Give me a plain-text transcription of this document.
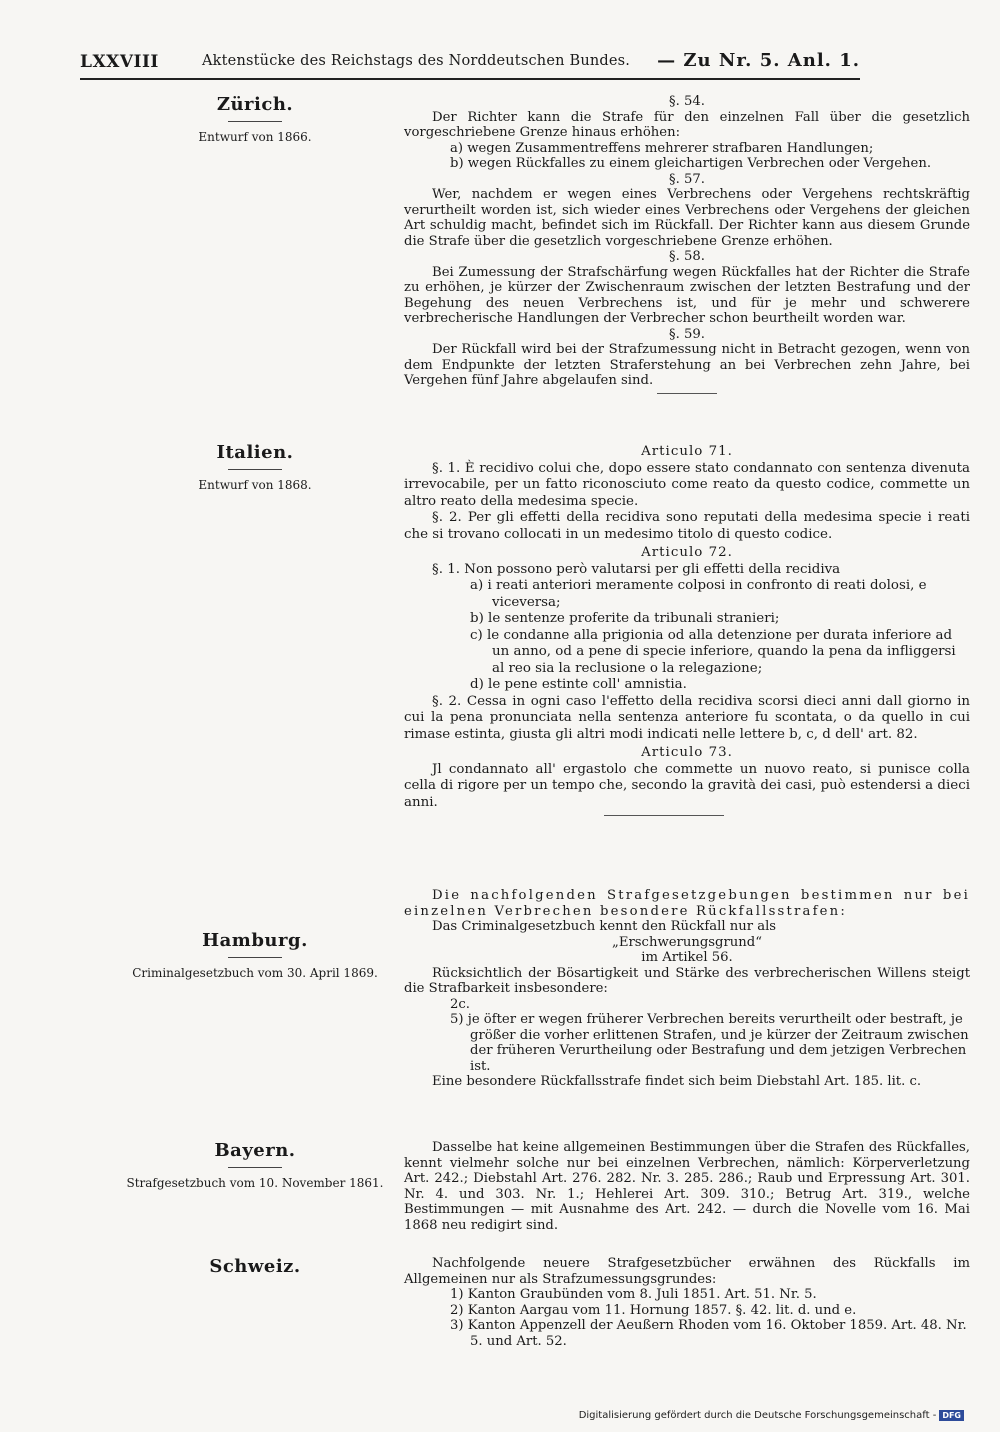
LXXVIII	Aktenstücke des Reichstags des Norddeutschen Bundes. — Zu Nr. 5. Anl. 1.
Zürich.
Entwurf von 1866.
Italien.
Entwurf von 1868.
Hamburg.
Criminalgesetzbuch vom 30. April 1869.
Bayern.
Strafgesetzbuch vom 10. November 1861.
Schweiz.
§. 54.

Der Richter kann die Strafe für den einzelnen Fall über die gesetzlich vorgeschriebene Grenze hinaus erhöhen:

a) wegen Zusammentreffens mehrerer strafbaren Handlungen;
b) wegen Rückfalles zu einem gleichartigen Verbrechen oder Vergehen.
§. 57.

Wer, nachdem er wegen eines Verbrechens oder Vergehens rechtskräftig verurtheilt worden ist, sich wieder eines Verbrechens oder Vergehens der gleichen Art schuldig macht, befindet sich im Rückfall. Der Richter kann aus diesem Grunde die Strafe über die gesetzlich vorgeschriebene Grenze erhöhen.

§. 58.

Bei Zumessung der Strafschärfung wegen Rückfalles hat der Richter die Strafe zu erhöhen, je kürzer der Zwischenraum zwischen der letzten Bestrafung und der Begehung des neuen Verbrechens ist, und für je mehr und schwerere verbrecherische Handlungen der Verbrecher schon beurtheilt worden war.

§. 59.

Der Rückfall wird bei der Strafzumessung nicht in Betracht gezogen, wenn von dem Endpunkte der letzten Straferstehung an bei Verbrechen zehn Jahre, bei Vergehen fünf Jahre abgelaufen sind.

Articulo 71.

§. 1. È recidivo colui che, dopo essere stato condannato con sentenza divenuta irrevocabile, per un fatto riconosciuto come reato da questo codice, commette un altro reato della medesima specie.

§. 2. Per gli effetti della recidiva sono reputati della medesima specie i reati che si trovano collocati in un medesimo titolo di questo codice.

Articulo 72.

§. 1. Non possono però valutarsi per gli effetti della recidiva

a) i reati anteriori meramente colposi in confronto di reati dolosi, e viceversa;
b) le sentenze proferite da tribunali stranieri;
c) le condanne alla prigionia od alla detenzione per durata inferiore ad un anno, od a pene di specie inferiore, quando la pena da infliggersi al reo sia la reclusione o la relegazione;
d) le pene estinte coll' amnistia.

§. 2. Cessa in ogni caso l'effetto della recidiva scorsi dieci anni dall giorno in cui la pena pronunciata nella sentenza anteriore fu scontata, o da quello in cui rimase estinta, giusta gli altri modi indicati nelle lettere b, c, d dell' art. 82.

Articulo 73.

Jl condannato all' ergastolo che commette un nuovo reato, si punisce colla cella di rigore per un tempo che, secondo la gravità dei casi, può estendersi a dieci anni.

Die nachfolgenden Strafgesetzgebungen bestimmen nur bei einzelnen Verbrechen besondere Rückfallsstrafen:

Das Criminalgesetzbuch kennt den Rückfall nur als

„Erschwerungsgrund“
im Artikel 56.

Rücksichtlich der Bösartigkeit und Stärke des verbrecherischen Willens steigt die Strafbarkeit insbesondere:

2c.
5) je öfter er wegen früherer Verbrechen bereits verurtheilt oder bestraft, je größer die vorher erlittenen Strafen, und je kürzer der Zeitraum zwischen der früheren Verurtheilung oder Bestrafung und dem jetzigen Verbrechen ist.

Eine besondere Rückfallsstrafe findet sich beim Diebstahl Art. 185. lit. c.

Dasselbe hat keine allgemeinen Bestimmungen über die Strafen des Rückfalles, kennt vielmehr solche nur bei einzelnen Verbrechen, nämlich: Körperverletzung Art. 242.; Diebstahl Art. 276. 282. Nr. 3. 285. 286.; Raub und Erpressung Art. 301. Nr. 4. und 303. Nr. 1.; Hehlerei Art. 309. 310.; Betrug Art. 319., welche Bestimmungen — mit Ausnahme des Art. 242. — durch die Novelle vom 16. Mai 1868 neu redigirt sind.

Nachfolgende neuere Strafgesetzbücher erwähnen des Rückfalls im Allgemeinen nur als Strafzumessungsgrundes:

1) Kanton Graubünden vom 8. Juli 1851. Art. 51. Nr. 5.
2) Kanton Aargau vom 11. Hornung 1857. §. 42. lit. d. und e.
3) Kanton Appenzell der Aeußern Rhoden vom 16. Oktober 1859. Art. 48. Nr. 5. und Art. 52.
Digitalisierung gefördert durch die Deutsche Forschungsgemeinschaft - DFG
